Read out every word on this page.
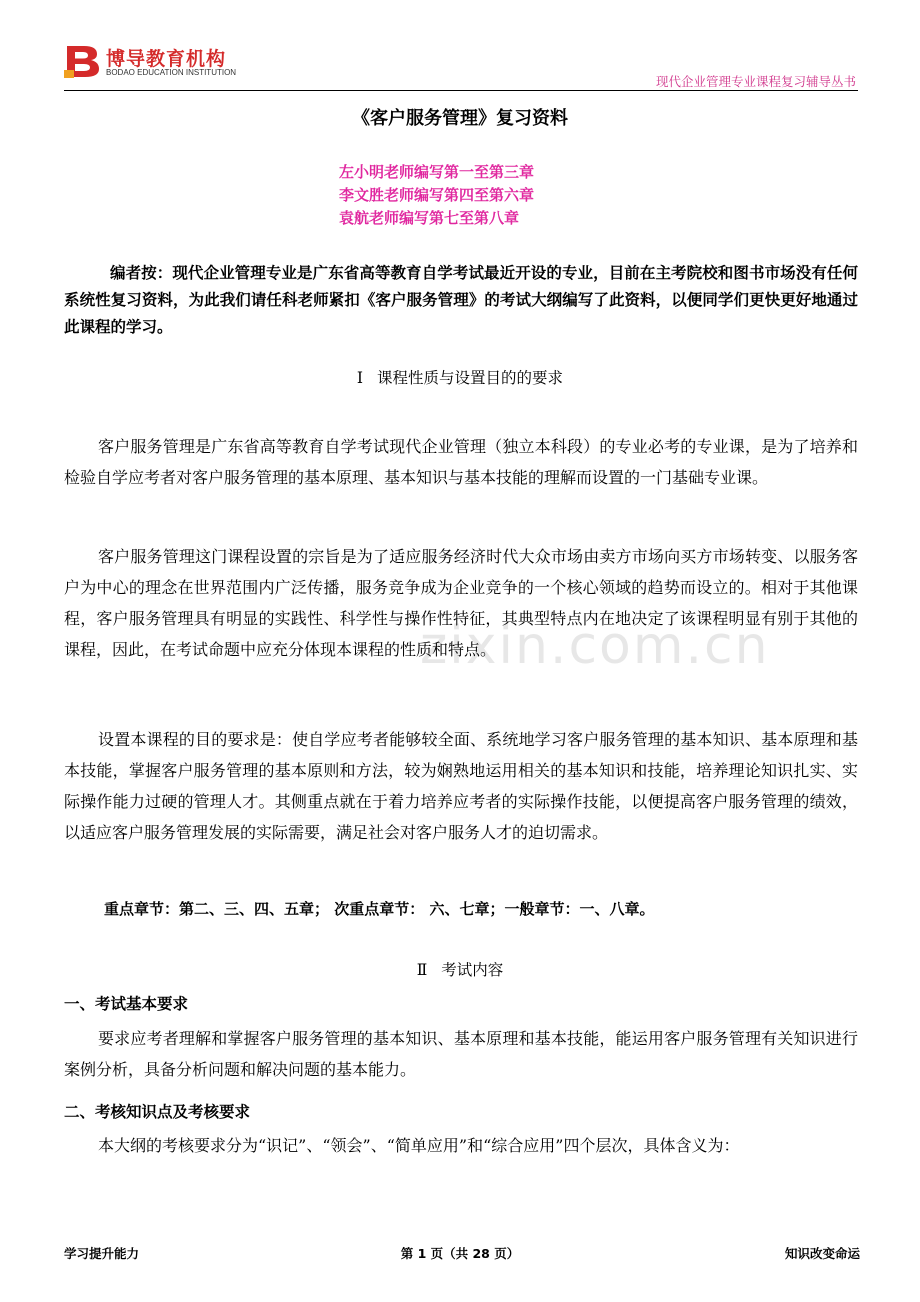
博导教育机构
BODAO EDUCATION INSTITUTION
现代企业管理专业课程复习辅导丛书
zixin.com.cn
《客户服务管理》复习资料
左小明老师编写第一至第三章
李文胜老师编写第四至第六章
袁航老师编写第七至第八章

编者按：现代企业管理专业是广东省高等教育自学考试最近开设的专业，目前在主考院校和图书市场没有任何系统性复习资料，为此我们请任科老师紧扣《客户服务管理》的考试大纲编写了此资料，以便同学们更快更好地通过此课程的学习。

Ⅰ 课程性质与设置目的的要求

客户服务管理是广东省高等教育自学考试现代企业管理（独立本科段）的专业必考的专业课，是为了培养和检验自学应考者对客户服务管理的基本原理、基本知识与基本技能的理解而设置的一门基础专业课。

客户服务管理这门课程设置的宗旨是为了适应服务经济时代大众市场由卖方市场向买方市场转变、以服务客户为中心的理念在世界范围内广泛传播，服务竞争成为企业竞争的一个核心领域的趋势而设立的。相对于其他课程，客户服务管理具有明显的实践性、科学性与操作性特征，其典型特点内在地决定了该课程明显有别于其他的课程，因此，在考试命题中应充分体现本课程的性质和特点。

设置本课程的目的要求是：使自学应考者能够较全面、系统地学习客户服务管理的基本知识、基本原理和基本技能，掌握客户服务管理的基本原则和方法，较为娴熟地运用相关的基本知识和技能，培养理论知识扎实、实际操作能力过硬的管理人才。其侧重点就在于着力培养应考者的实际操作技能，以便提高客户服务管理的绩效，以适应客户服务管理发展的实际需要，满足社会对客户服务人才的迫切需求。

重点章节：第二、三、四、五章； 次重点章节： 六、七章；一般章节：一、八章。

Ⅱ 考试内容

一、考试基本要求

要求应考者理解和掌握客户服务管理的基本知识、基本原理和基本技能，能运用客户服务管理有关知识进行案例分析，具备分析问题和解决问题的基本能力。

二、考核知识点及考核要求

本大纲的考核要求分为“识记”、“领会”、“简单应用”和“综合应用”四个层次，具体含义为：

学习提升能力	第 1 页（共 28 页）	知识改变命运
